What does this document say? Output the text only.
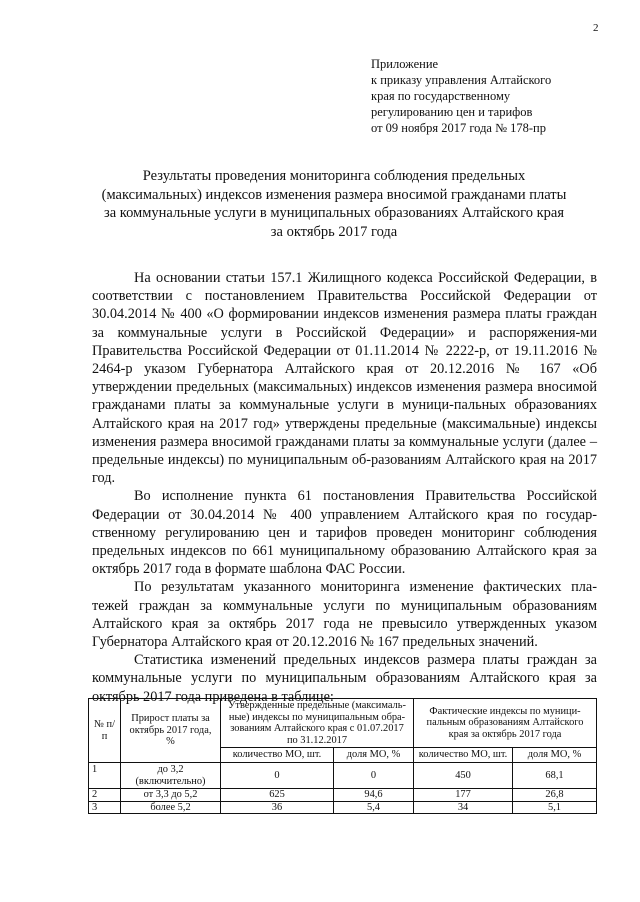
2
Приложение
к приказу управления Алтайского
края по государственному
регулированию цен и тарифов
от 09 ноября 2017 года № 178-пр
Результаты проведения мониторинга соблюдения предельных
(максимальных) индексов изменения размера вносимой гражданами платы
за коммунальные услуги в муниципальных образованиях Алтайского края
за октябрь 2017 года

На основании статьи 157.1 Жилищного кодекса Российской Федерации, в соответствии с постановлением Правительства Российской Федерации от 30.04.2014 № 400 «О формировании индексов изменения размера платы граждан за коммунальные услуги в Российской Федерации» и распоряжения-ми Правительства Российской Федерации от 01.11.2014 № 2222-р, от 19.11.2016 № 2464-р указом Губернатора Алтайского края от 20.12.2016 № 167 «Об утверждении предельных (максимальных) индексов изменения размера вносимой гражданами платы за коммунальные услуги в муници-пальных образованиях Алтайского края на 2017 год» утверждены предельные (максимальные) индексы изменения размера вносимой гражданами платы за коммунальные услуги (далее – предельные индексы) по муниципальным об-разованиям Алтайского края на 2017 год.

Во исполнение пункта 61 постановления Правительства Российской Федерации от 30.04.2014 № 400 управлением Алтайского края по государ-ственному регулированию цен и тарифов проведен мониторинг соблюдения предельных индексов по 661 муниципальному образованию Алтайского края за октябрь 2017 года в формате шаблона ФАС России.

По результатам указанного мониторинга изменение фактических пла-тежей граждан за коммунальные услуги по муниципальным образованиям Алтайского края за октябрь 2017 года не превысило утвержденных указом Губернатора Алтайского края от 20.12.2016 № 167 предельных значений.

Статистика изменений предельных индексов размера платы граждан за коммунальные услуги по муниципальным образованиям Алтайского края за октябрь 2017 года приведена в таблице:

№ п/п	Прирост платы за октябрь 2017 года, %	Утвержденные предельные (максималь-ные) индексы по муниципальным обра-зованиям Алтайского края с 01.07.2017 по 31.12.2017		Фактические индексы по муници-пальным образованиям Алтайского края за октябрь 2017 года	
		количество МО, шт.	доля МО, %	количество МО, шт.	доля МО, %
1	до 3,2 (включительно)	0	0	450	68,1
2	от 3,3 до 5,2	625	94,6	177	26,8
3	более 5,2	36	5,4	34	5,1
